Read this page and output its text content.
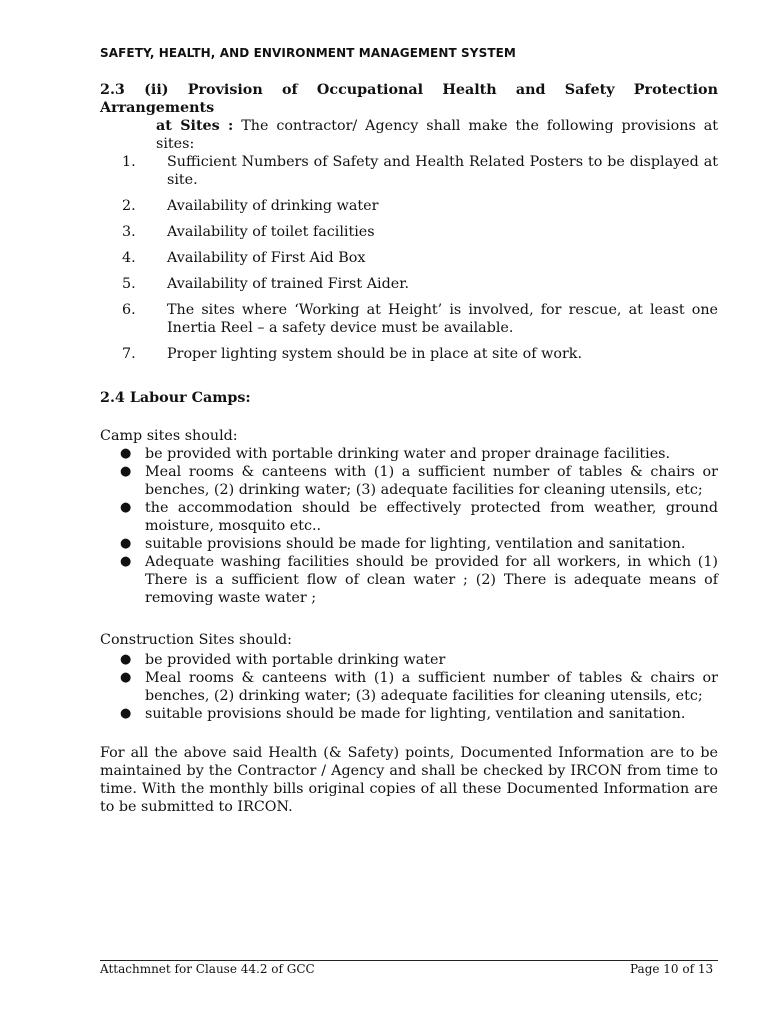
SAFETY, HEALTH, AND ENVIRONMENT MANAGEMENT SYSTEM
2.3 (ii) Provision of Occupational Health and Safety Protection Arrangements
at Sites : The contractor/ Agency shall make the following provisions at sites:
1.	Sufficient Numbers of Safety and Health Related Posters to be displayed at site.
2.	Availability of drinking water
3.	Availability of toilet facilities
4.	Availability of First Aid Box
5.	Availability of trained First Aider.
6.	The sites where ‘Working at Height’ is involved, for rescue, at least one Inertia Reel – a safety device must be available.
7.	Proper lighting system should be in place at site of work.
2.4 Labour Camps:
Camp sites should:
● be provided with portable drinking water and proper drainage facilities.
● Meal rooms & canteens with (1) a sufficient number of tables & chairs or benches, (2) drinking water; (3) adequate facilities for cleaning utensils, etc;
● the accommodation should be effectively protected from weather, ground moisture, mosquito etc..
● suitable provisions should be made for lighting, ventilation and sanitation.
● Adequate washing facilities should be provided for all workers, in which (1) There is a sufficient flow of clean water ; (2) There is adequate means of removing waste water ;
Construction Sites should:
● be provided with portable drinking water
● Meal rooms & canteens with (1) a sufficient number of tables & chairs or benches, (2) drinking water; (3) adequate facilities for cleaning utensils, etc;
● suitable provisions should be made for lighting, ventilation and sanitation.
For all the above said Health (& Safety) points, Documented Information are to be maintained by the Contractor / Agency and shall be checked by IRCON from time to time. With the monthly bills original copies of all these Documented Information are to be submitted to IRCON.
Attachmnet for Clause 44.2 of GCC	Page 10 of 13
